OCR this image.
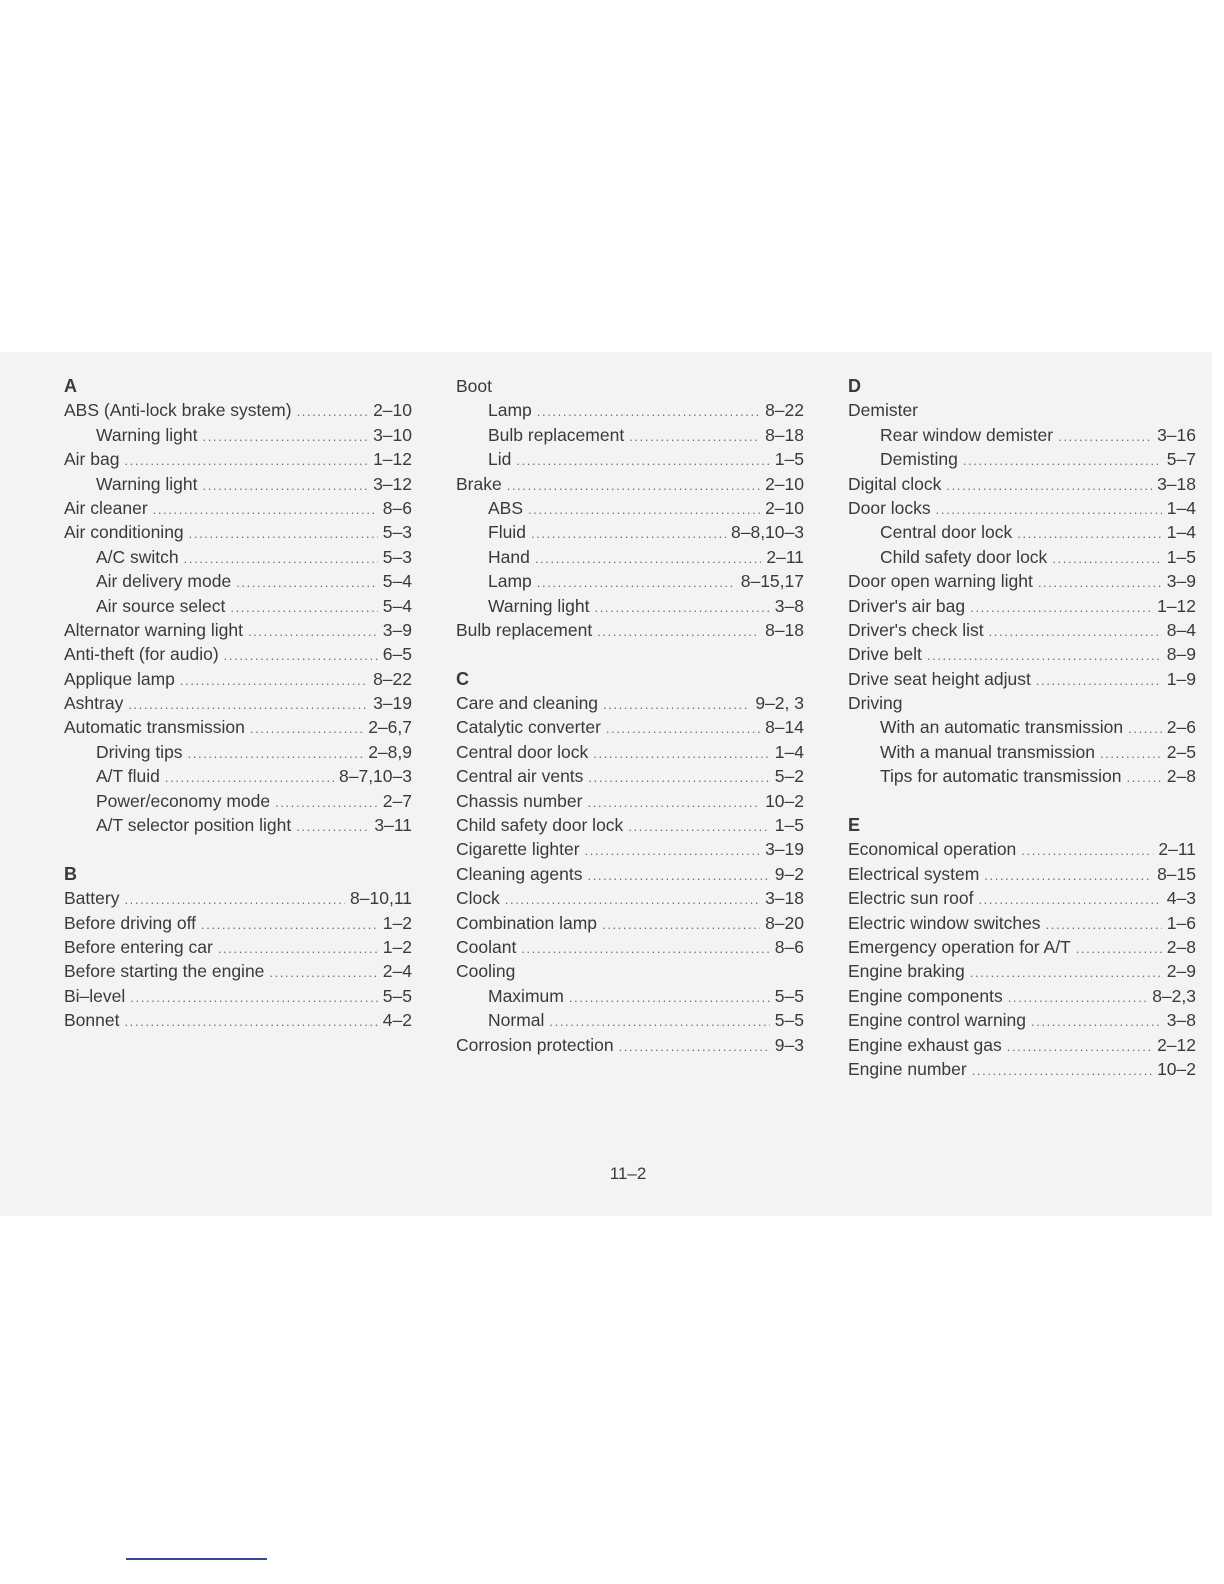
A
ABS (Anti-lock brake system) .....	2–10
Warning light .....	3–10
Air bag .....	1–12
Warning light .....	3–12
Air cleaner .....	8–6
Air conditioning .....	5–3
A/C switch .....	5–3
Air delivery mode .....	5–4
Air source select .....	5–4
Alternator warning light .....	3–9
Anti-theft (for audio) .....	6–5
Applique lamp .....	8–22
Ashtray .....	3–19
Automatic transmission .....	2–6,7
Driving tips .....	2–8,9
A/T fluid .....	8–7,10–3
Power/economy mode .....	2–7
A/T selector position light .....	3–11
B
Battery .....	8–10,11
Before driving off .....	1–2
Before entering car .....	1–2
Before starting the engine .....	2–4
Bi–level .....	5–5
Bonnet .....	4–2
Boot
Lamp .....	8–22
Bulb replacement .....	8–18
Lid .....	1–5
Brake .....	2–10
ABS .....	2–10
Fluid .....	8–8,10–3
Hand .....	2–11
Lamp .....	8–15,17
Warning light .....	3–8
Bulb replacement .....	8–18
C
Care and cleaning .....	9–2, 3
Catalytic converter .....	8–14
Central door lock .....	1–4
Central air vents .....	5–2
Chassis number .....	10–2
Child safety door lock .....	1–5
Cigarette lighter .....	3–19
Cleaning agents .....	9–2
Clock .....	3–18
Combination lamp .....	8–20
Coolant .....	8–6
Cooling
Maximum .....	5–5
Normal .....	5–5
Corrosion protection .....	9–3
D
Demister
Rear window demister .....	3–16
Demisting .....	5–7
Digital clock .....	3–18
Door locks .....	1–4
Central door lock .....	1–4
Child safety door lock .....	1–5
Door open warning light .....	3–9
Driver's air bag .....	1–12
Driver's check list .....	8–4
Drive belt .....	8–9
Drive seat height adjust .....	1–9
Driving
With an automatic transmission ..... 2–6
With a manual transmission .....	2–5
Tips for automatic transmission .....	2–8
E
Economical operation .....	2–11
Electrical system .....	8–15
Electric sun roof .....	4–3
Electric window switches .....	1–6
Emergency operation for A/T .....	2–8
Engine braking .....	2–9
Engine components .....	8–2,3
Engine control warning .....	3–8
Engine exhaust gas .....	2–12
Engine number .....	10–2
11–2
